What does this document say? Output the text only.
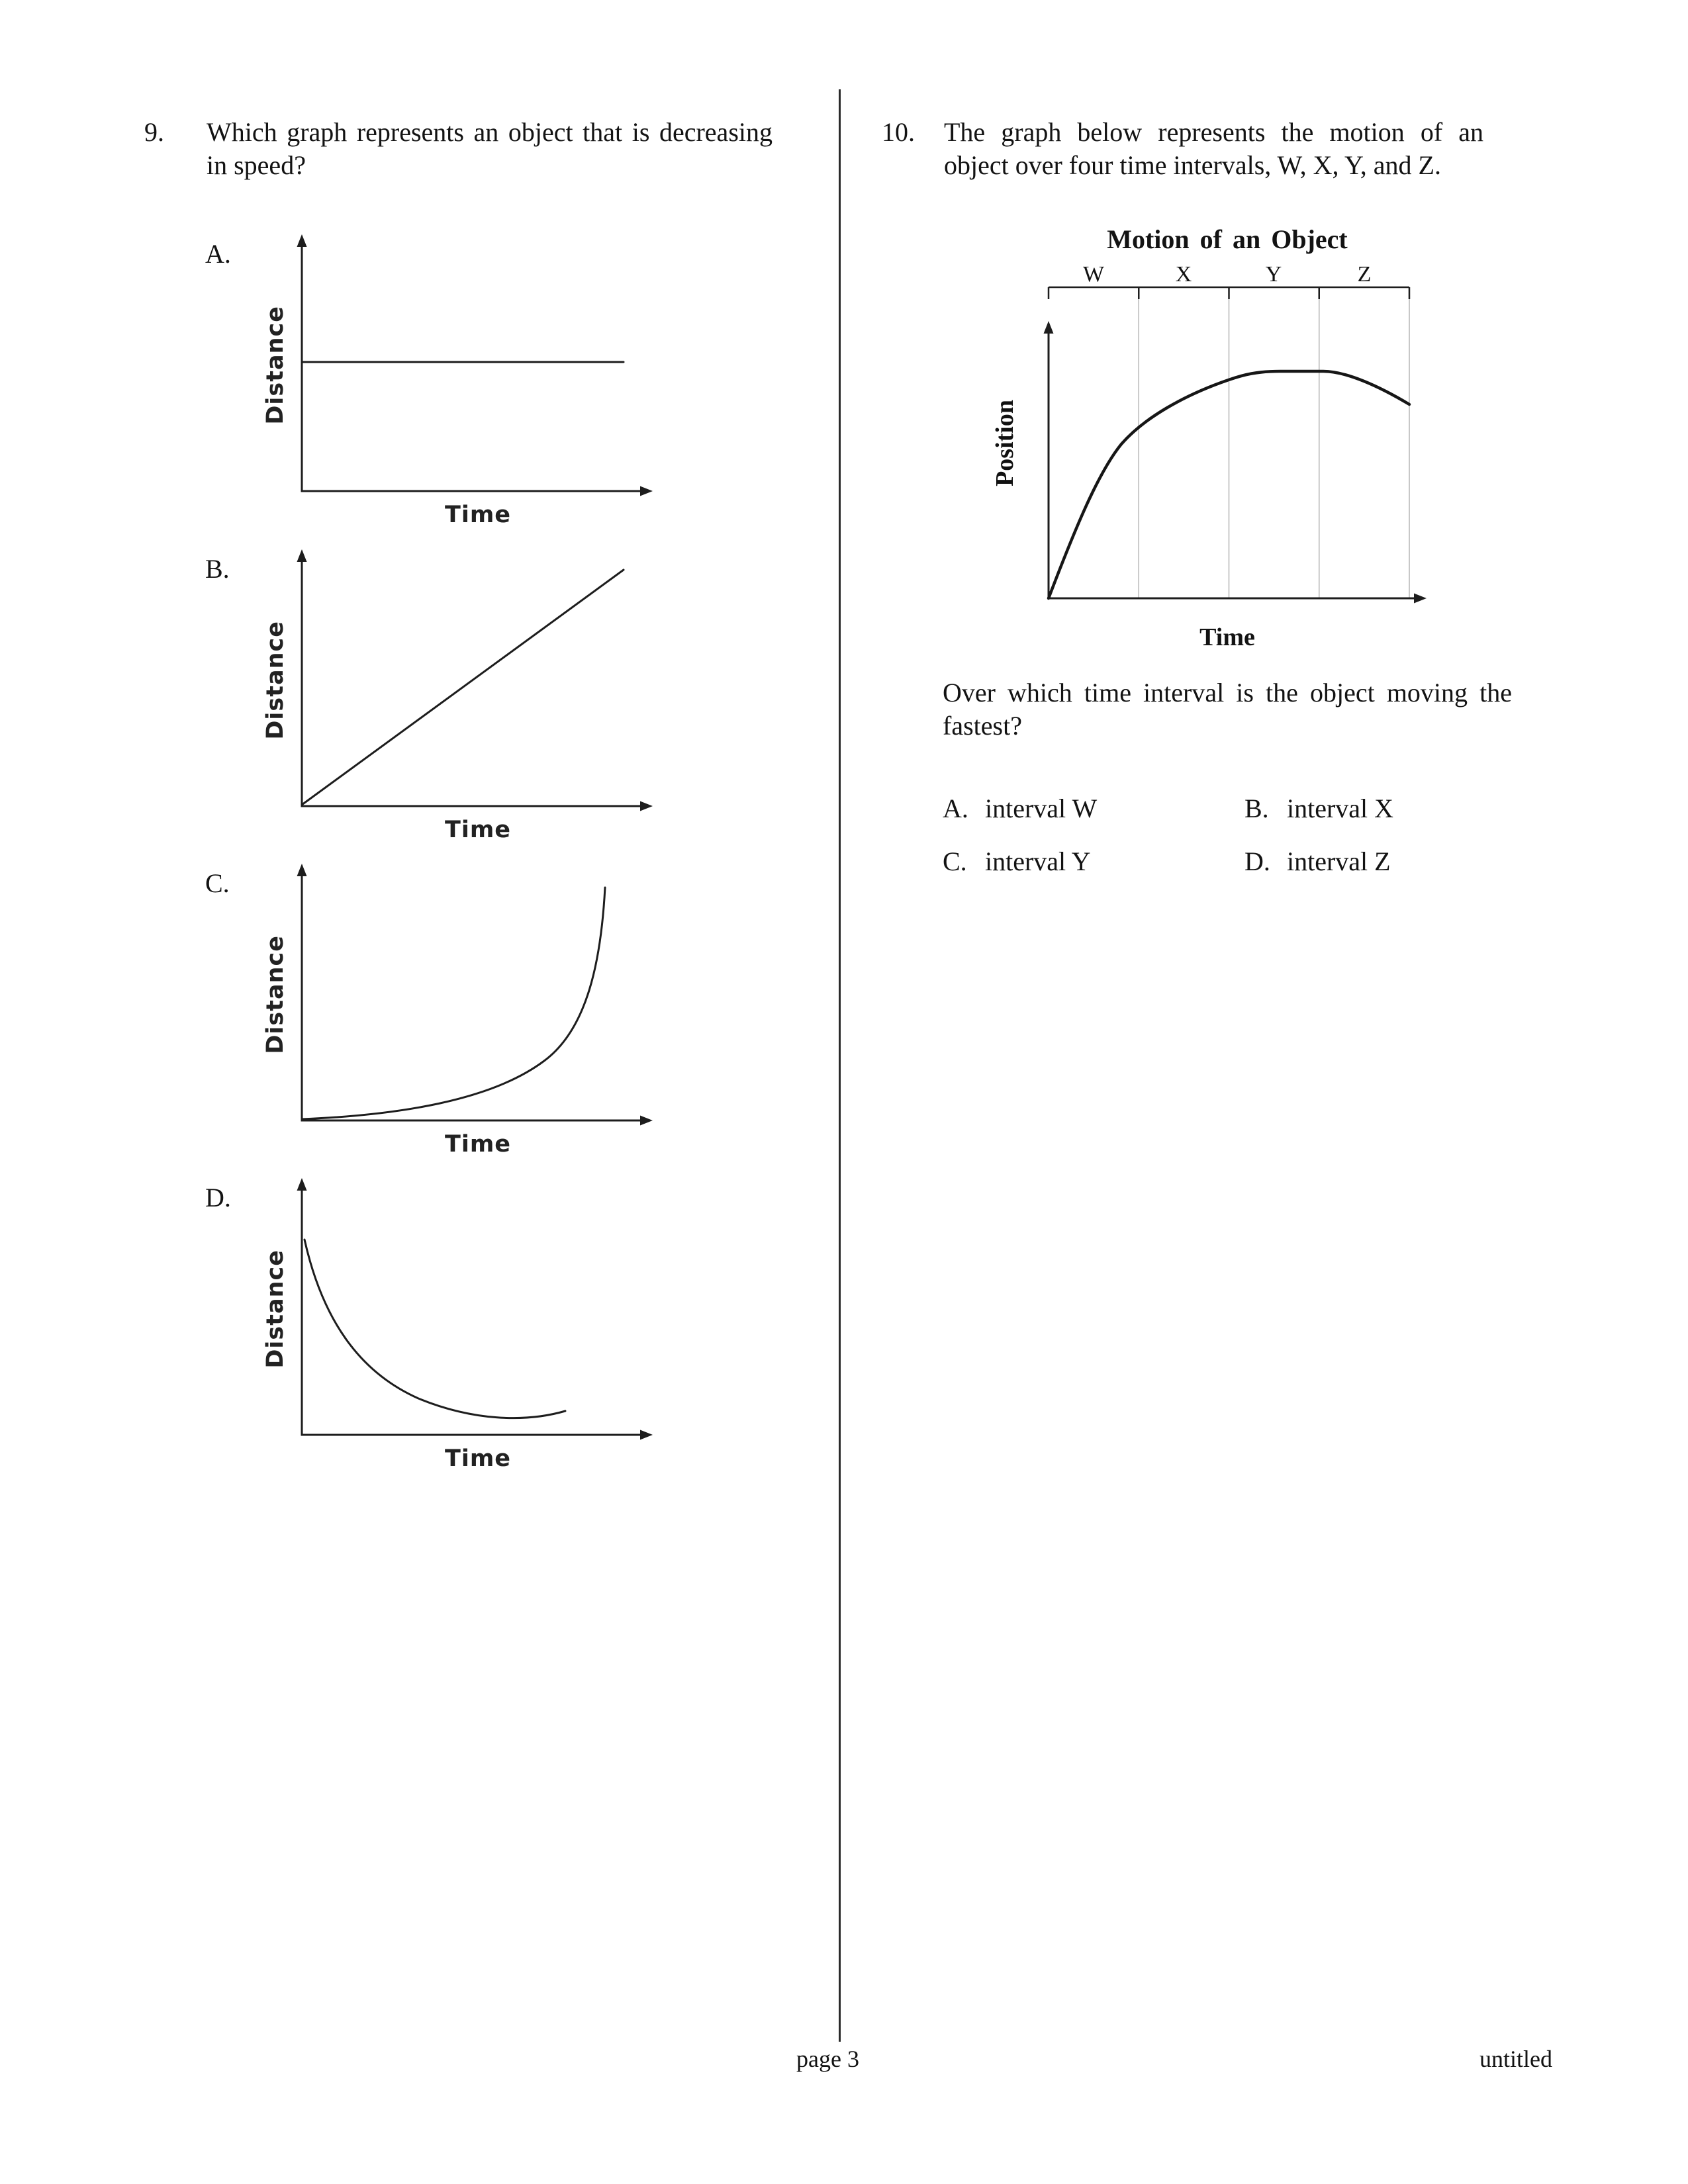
9.	Which graph represents an object that is decreasing in speed?
A.
Distance
Time
B.
Distance
Time
C.
Distance
Time
D.
Distance
Time
10.	The graph below represents the motion of an object over four time intervals, W, X, Y, and Z.
Motion of an Object
Position
W	X	Y	Z
Time
Over which time interval is the object moving the fastest?
A. interval W	B. interval X
C. interval Y	D. interval Z
page 3	untitled
